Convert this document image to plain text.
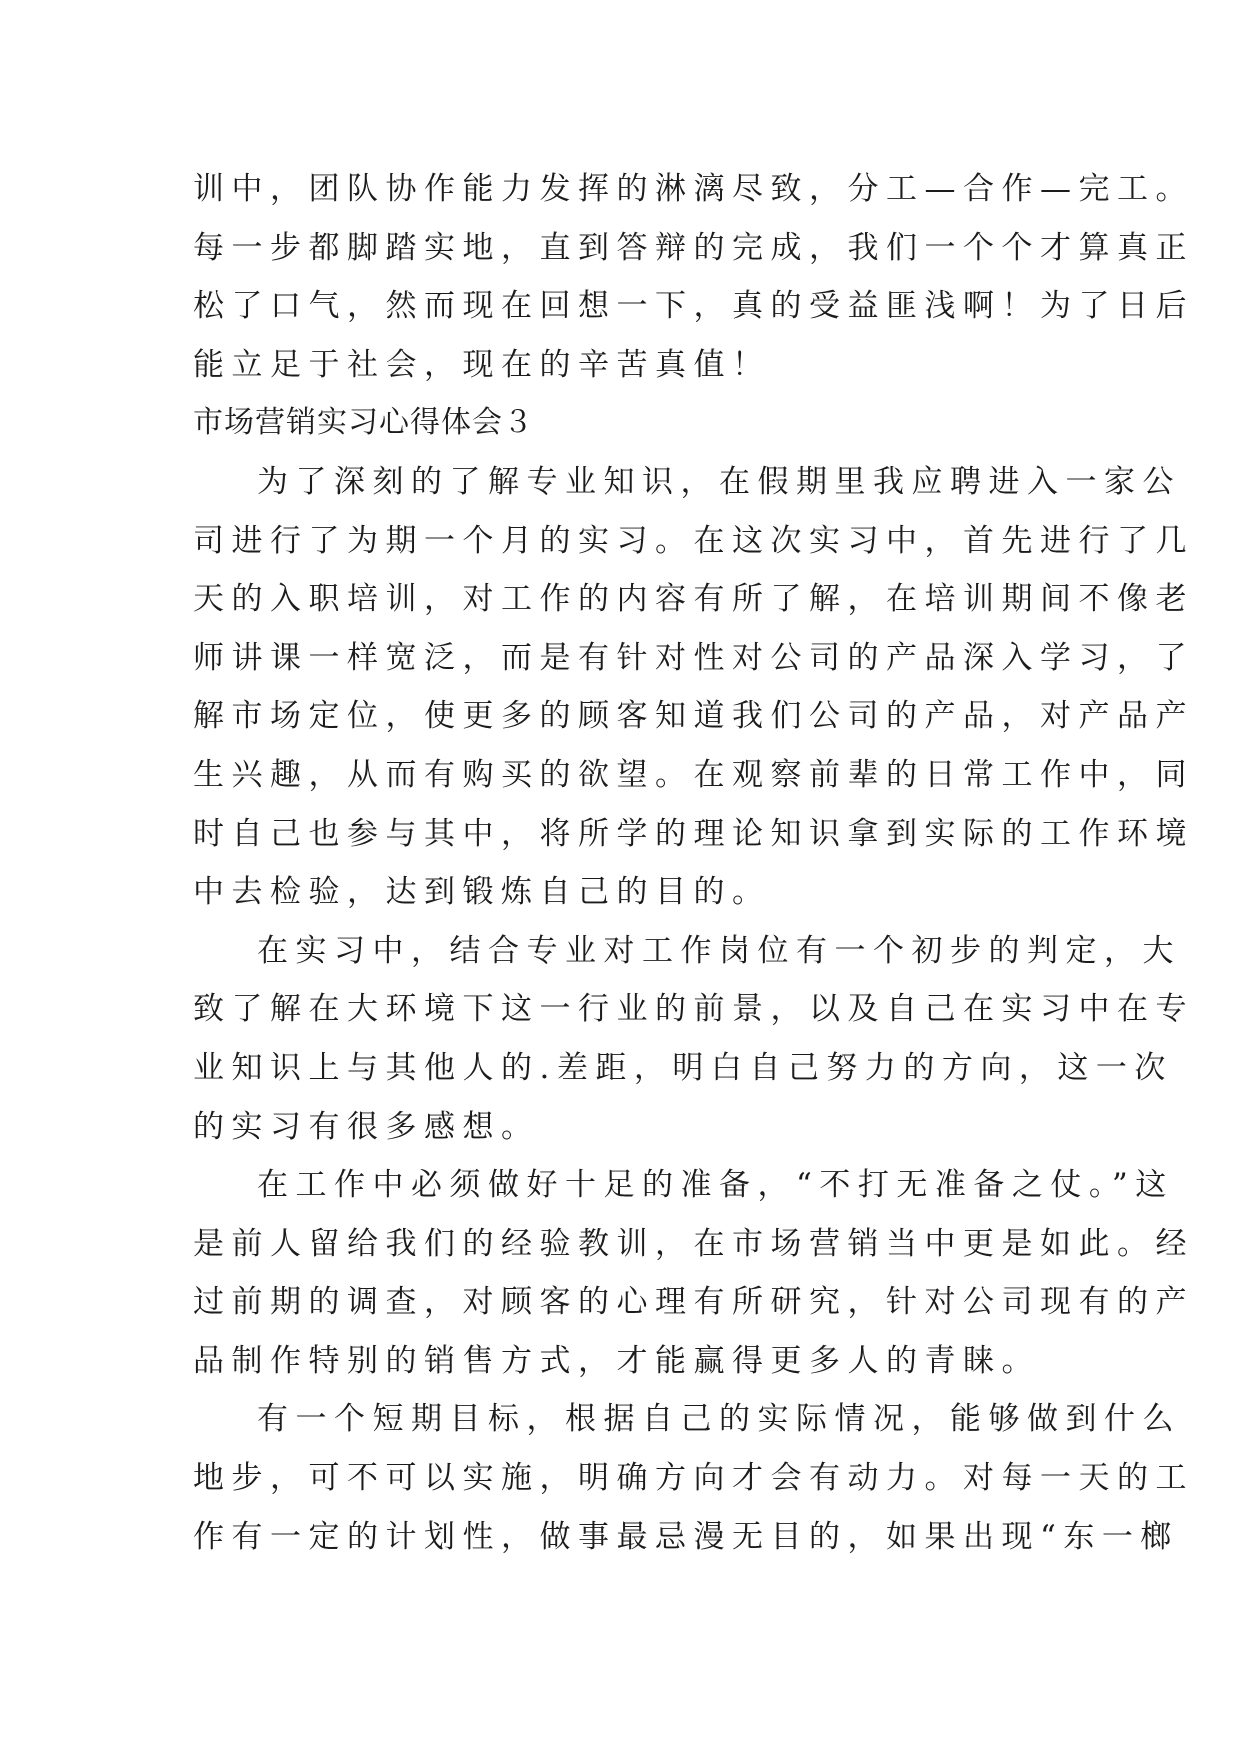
训中，团队协作能力发挥的淋漓尽致，分工—合作—完工。
每一步都脚踏实地，直到答辩的完成，我们一个个才算真正
松了口气，然而现在回想一下，真的受益匪浅啊！为了日后
能立足于社会，现在的辛苦真值！
市场营销实习心得体会３
为了深刻的了解专业知识，在假期里我应聘进入一家公
司进行了为期一个月的实习。在这次实习中，首先进行了几
天的入职培训，对工作的内容有所了解，在培训期间不像老
师讲课一样宽泛，而是有针对性对公司的产品深入学习，了
解市场定位，使更多的顾客知道我们公司的产品，对产品产
生兴趣，从而有购买的欲望。在观察前辈的日常工作中，同
时自己也参与其中，将所学的理论知识拿到实际的工作环境
中去检验，达到锻炼自己的目的。
在实习中，结合专业对工作岗位有一个初步的判定，大
致了解在大环境下这一行业的前景，以及自己在实习中在专
业知识上与其他人的.差距，明白自己努力的方向，这一次
的实习有很多感想。
在工作中必须做好十足的准备，“不打无准备之仗。”这
是前人留给我们的经验教训，在市场营销当中更是如此。经
过前期的调查，对顾客的心理有所研究，针对公司现有的产
品制作特别的销售方式，才能赢得更多人的青睐。
有一个短期目标，根据自己的实际情况，能够做到什么
地步，可不可以实施，明确方向才会有动力。对每一天的工
作有一定的计划性，做事最忌漫无目的，如果出现“东一榔
